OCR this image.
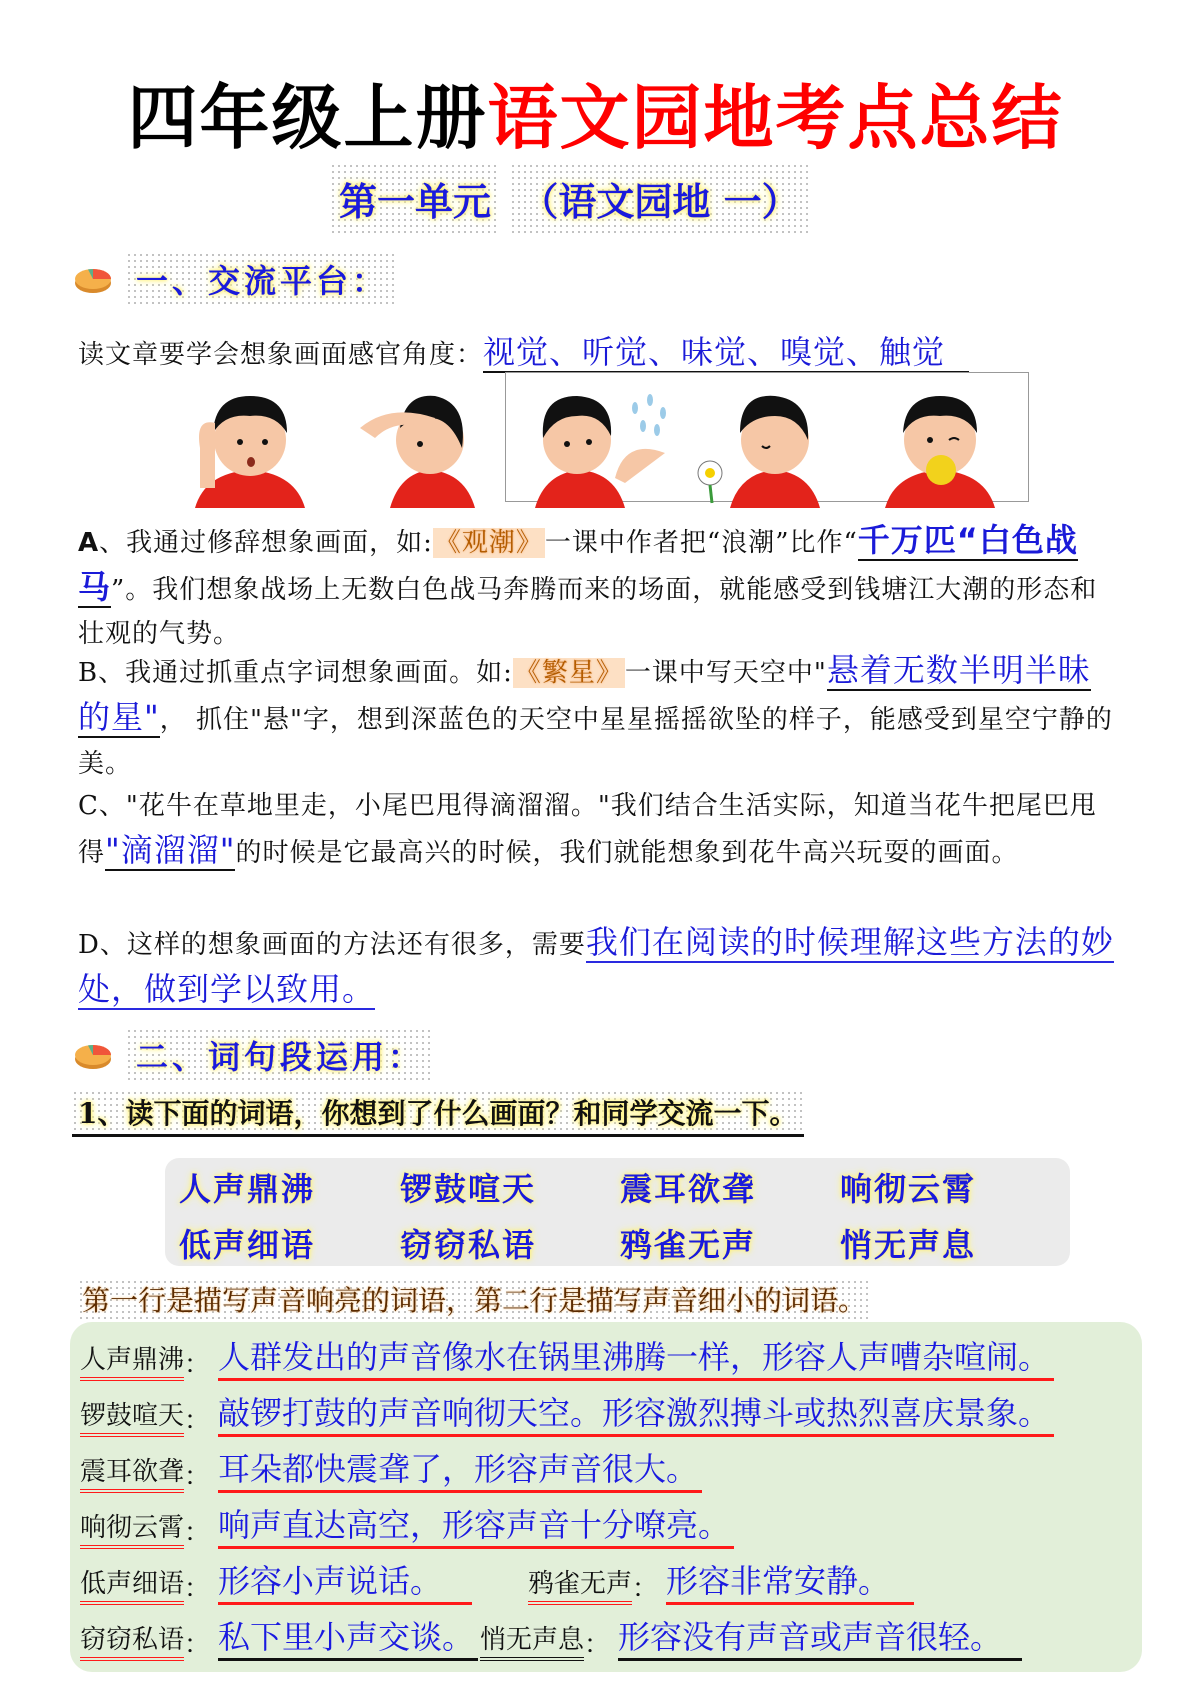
四年级上册语文园地考点总结
第一单元 （语文园地 一）
一、交流平台：
读文章要学会想象画面感官角度：视觉、听觉、味觉、嗅觉、触觉
A、我通过修辞想象画面，如:《观潮》一课中作者把“浪潮”比作“千万匹“白色战马”。我们想象战场上无数白色战马奔腾而来的场面，就能感受到钱塘江大潮的形态和壮观的气势。
B、我通过抓重点字词想象画面。如:《繁星》一课中写天空中"悬着无数半明半昧的星"， 抓住"悬"字，想到深蓝色的天空中星星摇摇欲坠的样子，能感受到星空宁静的美。
C、"花牛在草地里走，小尾巴甩得滴溜溜。"我们结合生活实际，知道当花牛把尾巴甩得"滴溜溜"的时候是它最高兴的时候，我们就能想象到花牛高兴玩耍的画面。
D、这样的想象画面的方法还有很多，需要我们在阅读的时候理解这些方法的妙处，做到学以致用。
二、词句段运用：
1、读下面的词语，你想到了什么画面？和同学交流一下。
人声鼎沸	锣鼓喧天	震耳欲聋	响彻云霄
低声细语	窃窃私语	鸦雀无声	悄无声息
第一行是描写声音响亮的词语，第二行是描写声音细小的词语。
人声鼎沸 ： 人群发出的声音像水在锅里沸腾一样，形容人声嘈杂喧闹。
锣鼓喧天 ： 敲锣打鼓的声音响彻天空。形容激烈搏斗或热烈喜庆景象。
震耳欲聋 ： 耳朵都快震聋了，形容声音很大。
响彻云霄 ： 响声直达高空，形容声音十分嘹亮。
低声细语 ： 形容小声说话。	鸦雀无声 ： 形容非常安静。
窃窃私语 ： 私下里小声交谈。 悄无声息 ： 形容没有声音或声音很轻。
